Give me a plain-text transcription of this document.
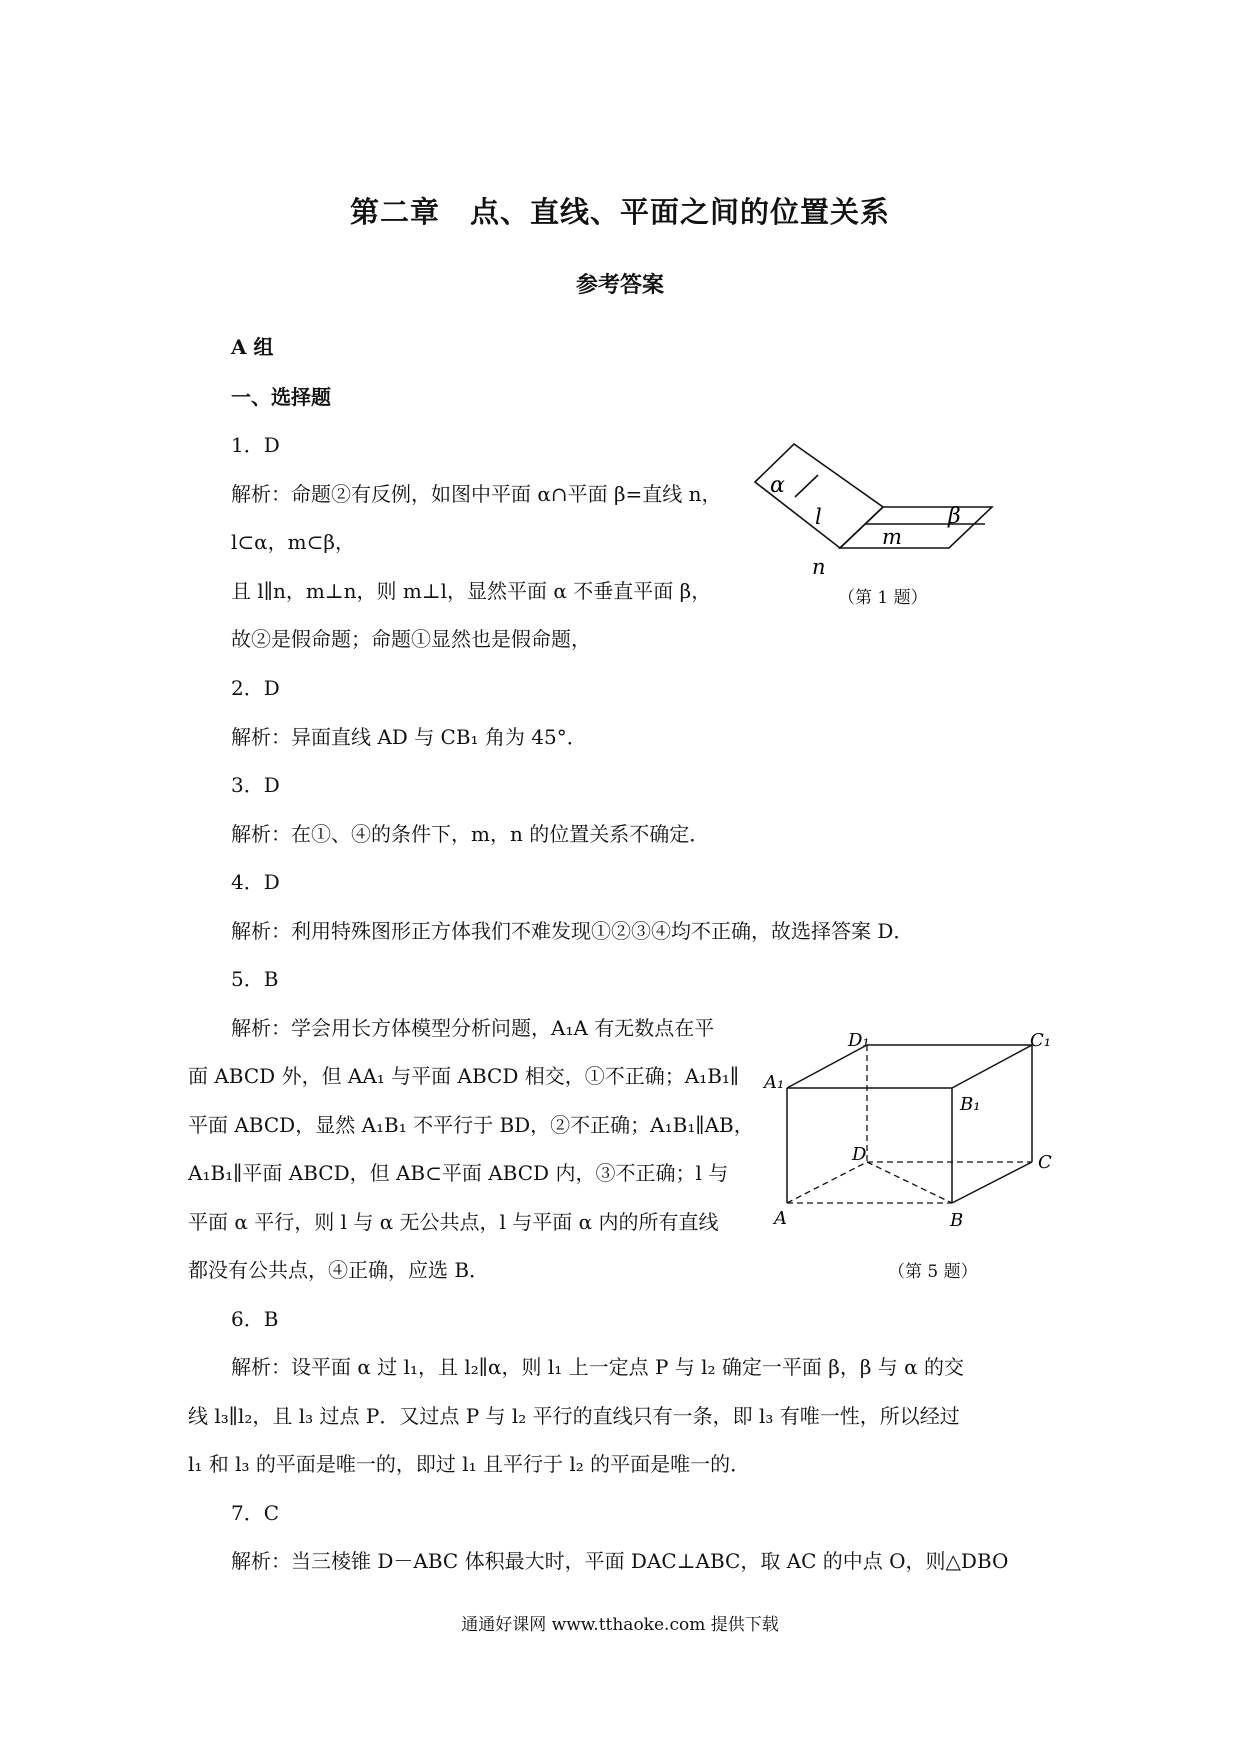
第二章　点、直线、平面之间的位置关系
参考答案
A 组
一、选择题
1．D
解析：命题②有反例，如图中平面 α∩平面 β=直线 n，
l⊂α，m⊂β，
且 l∥n，m⊥n，则 m⊥l，显然平面 α 不垂直平面 β，
故②是假命题；命题①显然也是假命题，
α
l	β
m
n
（第 1 题）
2．D
解析：异面直线 AD 与 CB₁ 角为 45°．
3．D
解析：在①、④的条件下，m，n 的位置关系不确定．
4．D
解析：利用特殊图形正方体我们不难发现①②③④均不正确，故选择答案 D．
5．B
解析：学会用长方体模型分析问题，A₁A 有无数点在平
面 ABCD 外，但 AA₁ 与平面 ABCD 相交，①不正确；A₁B₁∥
平面 ABCD，显然 A₁B₁ 不平行于 BD，②不正确；A₁B₁∥AB，
A₁B₁∥平面 ABCD，但 AB⊂平面 ABCD 内，③不正确；l 与
平面 α 平行，则 l 与 α 无公共点，l 与平面 α 内的所有直线
都没有公共点，④正确，应选 B．
D₁	C₁
A₁
B₁
D	C
A	B
（第 5 题）
6．B
解析：设平面 α 过 l₁，且 l₂∥α，则 l₁ 上一定点 P 与 l₂ 确定一平面 β，β 与 α 的交
线 l₃∥l₂，且 l₃ 过点 P．又过点 P 与 l₂ 平行的直线只有一条，即 l₃ 有唯一性，所以经过
l₁ 和 l₃ 的平面是唯一的，即过 l₁ 且平行于 l₂ 的平面是唯一的．
7．C
解析：当三棱锥 D－ABC 体积最大时，平面 DAC⊥ABC，取 AC 的中点 O，则△DBO
通通好课网 www.tthaoke.com 提供下载
